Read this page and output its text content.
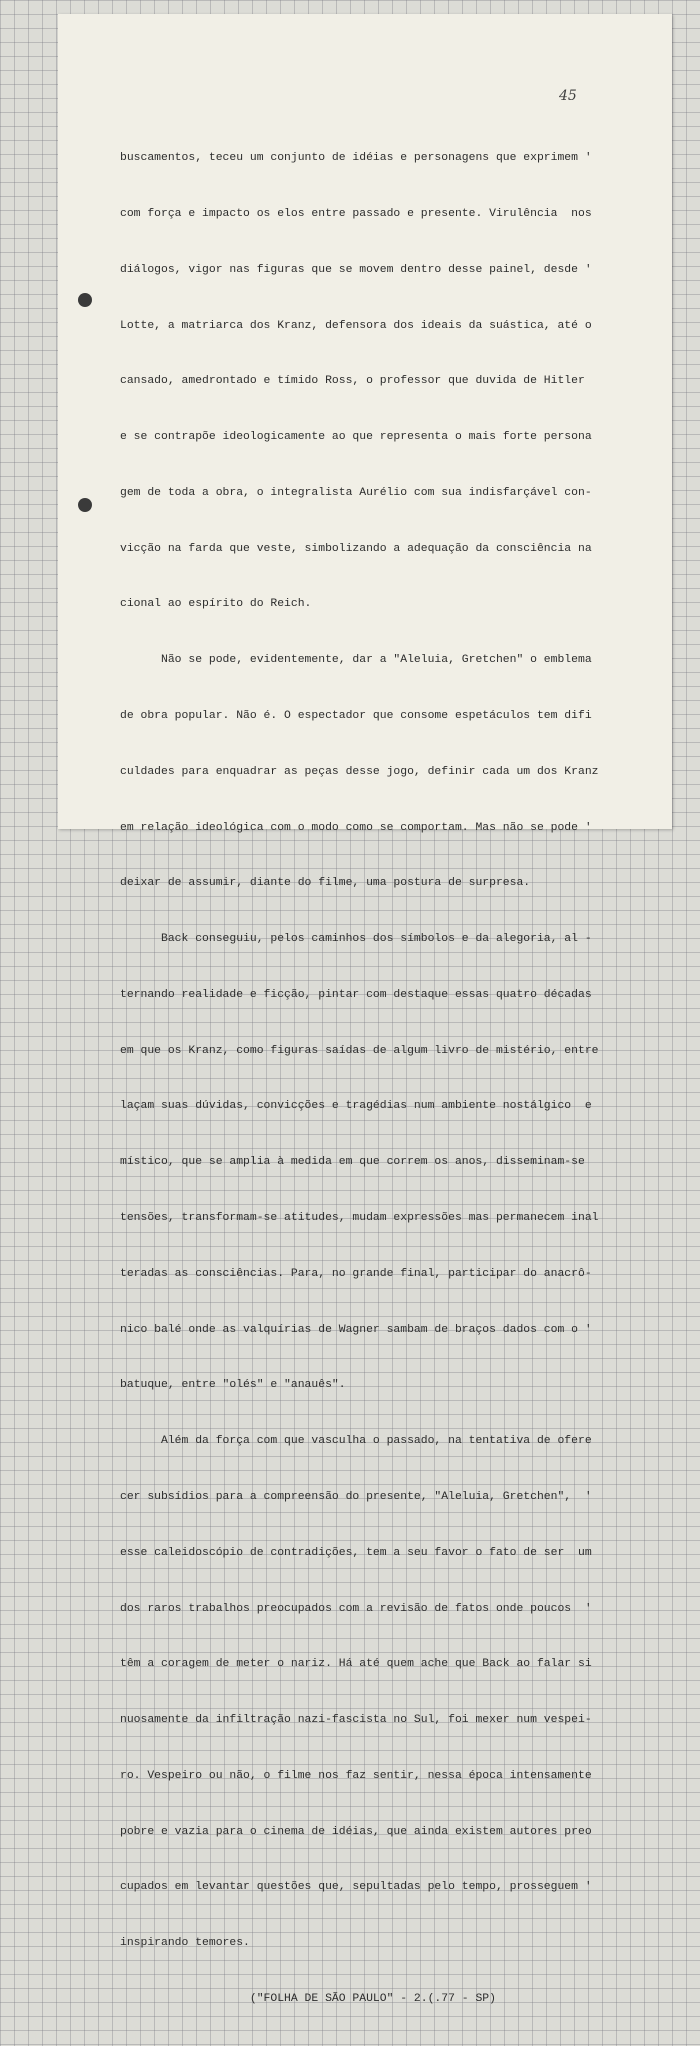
45

buscamentos, teceu um conjunto de idéias e personagens que exprimem '

com força e impacto os elos entre passado e presente. Virulência  nos

diálogos, vigor nas figuras que se movem dentro desse painel, desde '

Lotte, a matriarca dos Kranz, defensora dos ideais da suástica, até o

cansado, amedrontado e tímido Ross, o professor que duvida de Hitler

e se contrapõe ideologicamente ao que representa o mais forte persona

gem de toda a obra, o integralista Aurélio com sua indisfarçável con-

vicção na farda que veste, simbolizando a adequação da consciência na

cional ao espírito do Reich.

Não se pode, evidentemente, dar a "Aleluia, Gretchen" o emblema

de obra popular. Não é. O espectador que consome espetáculos tem difi

culdades para enquadrar as peças desse jogo, definir cada um dos Kranz

em relação ideológica com o modo como se comportam. Mas não se pode '

deixar de assumir, diante do filme, uma postura de surpresa.

Back conseguiu, pelos caminhos dos símbolos e da alegoria, al -

ternando realidade e ficção, pintar com destaque essas quatro décadas

em que os Kranz, como figuras saídas de algum livro de mistério, entre

laçam suas dúvidas, convicções e tragédias num ambiente nostálgico  e

místico, que se amplia à medida em que correm os anos, disseminam-se

tensões, transformam-se atitudes, mudam expressões mas permanecem inal

teradas as consciências. Para, no grande final, participar do anacrô-

nico balé onde as valquírias de Wagner sambam de braços dados com o '

batuque, entre "olés" e "anauês".

Além da força com que vasculha o passado, na tentativa de ofere

cer subsídios para a compreensão do presente, "Aleluia, Gretchen",  '

esse caleidoscópio de contradições, tem a seu favor o fato de ser  um

dos raros trabalhos preocupados com a revisão de fatos onde poucos  '

têm a coragem de meter o nariz. Há até quem ache que Back ao falar si

nuosamente da infiltração nazi-fascista no Sul, foi mexer num vespei-

ro. Vespeiro ou não, o filme nos faz sentir, nessa época intensamente

pobre e vazia para o cinema de idéias, que ainda existem autores preo

cupados em levantar questões que, sepultadas pelo tempo, prosseguem '

inspirando temores.

("FOLHA DE SÃO PAULO" - 2.(.77 - SP)
